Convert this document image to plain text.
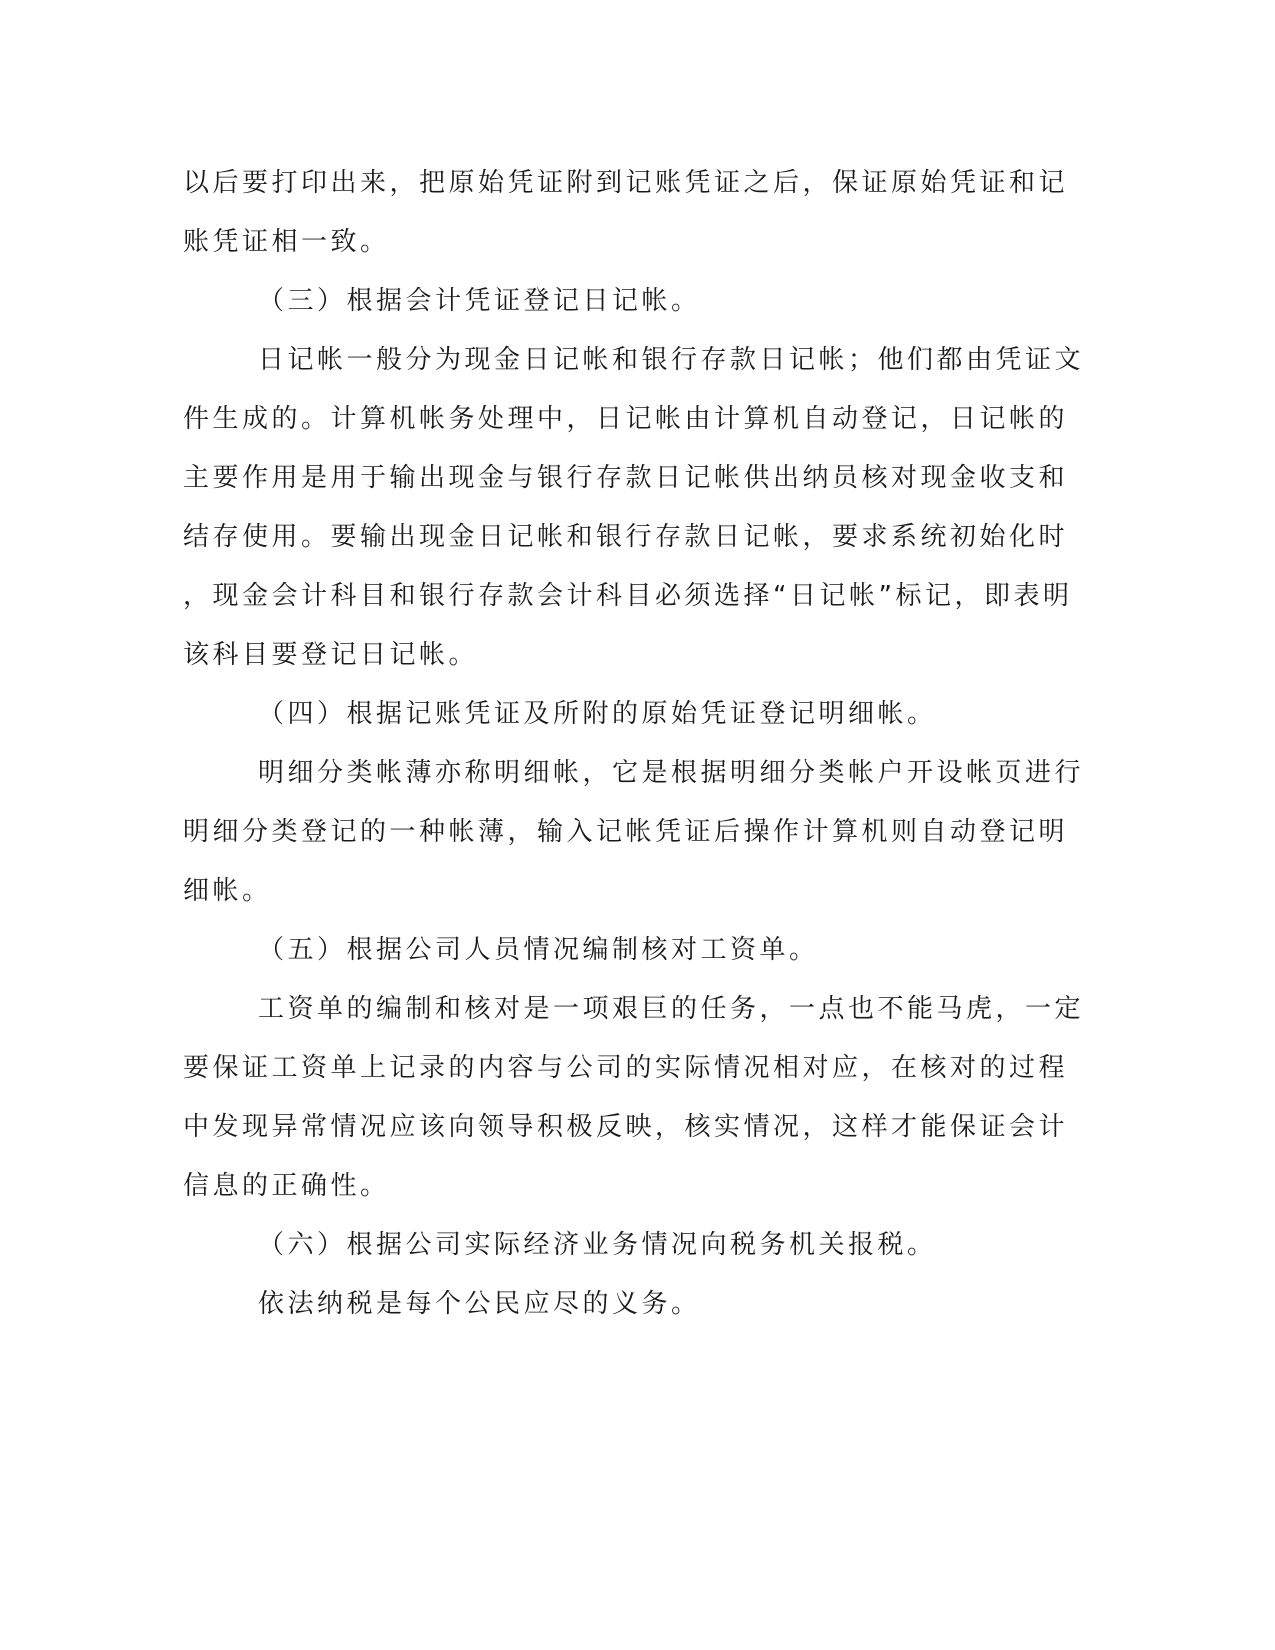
以后要打印出来，把原始凭证附到记账凭证之后，保证原始凭证和记
账凭证相一致。
（三）根据会计凭证登记日记帐。
日记帐一般分为现金日记帐和银行存款日记帐；他们都由凭证文
件生成的。计算机帐务处理中，日记帐由计算机自动登记，日记帐的
主要作用是用于输出现金与银行存款日记帐供出纳员核对现金收支和
结存使用。要输出现金日记帐和银行存款日记帐，要求系统初始化时
，现金会计科目和银行存款会计科目必须选择“日记帐”标记，即表明
该科目要登记日记帐。
（四）根据记账凭证及所附的原始凭证登记明细帐。
明细分类帐薄亦称明细帐，它是根据明细分类帐户开设帐页进行
明细分类登记的一种帐薄，输入记帐凭证后操作计算机则自动登记明
细帐。
（五）根据公司人员情况编制核对工资单。
工资单的编制和核对是一项艰巨的任务，一点也不能马虎，一定
要保证工资单上记录的内容与公司的实际情况相对应，在核对的过程
中发现异常情况应该向领导积极反映，核实情况，这样才能保证会计
信息的正确性。
（六）根据公司实际经济业务情况向税务机关报税。
依法纳税是每个公民应尽的义务。
